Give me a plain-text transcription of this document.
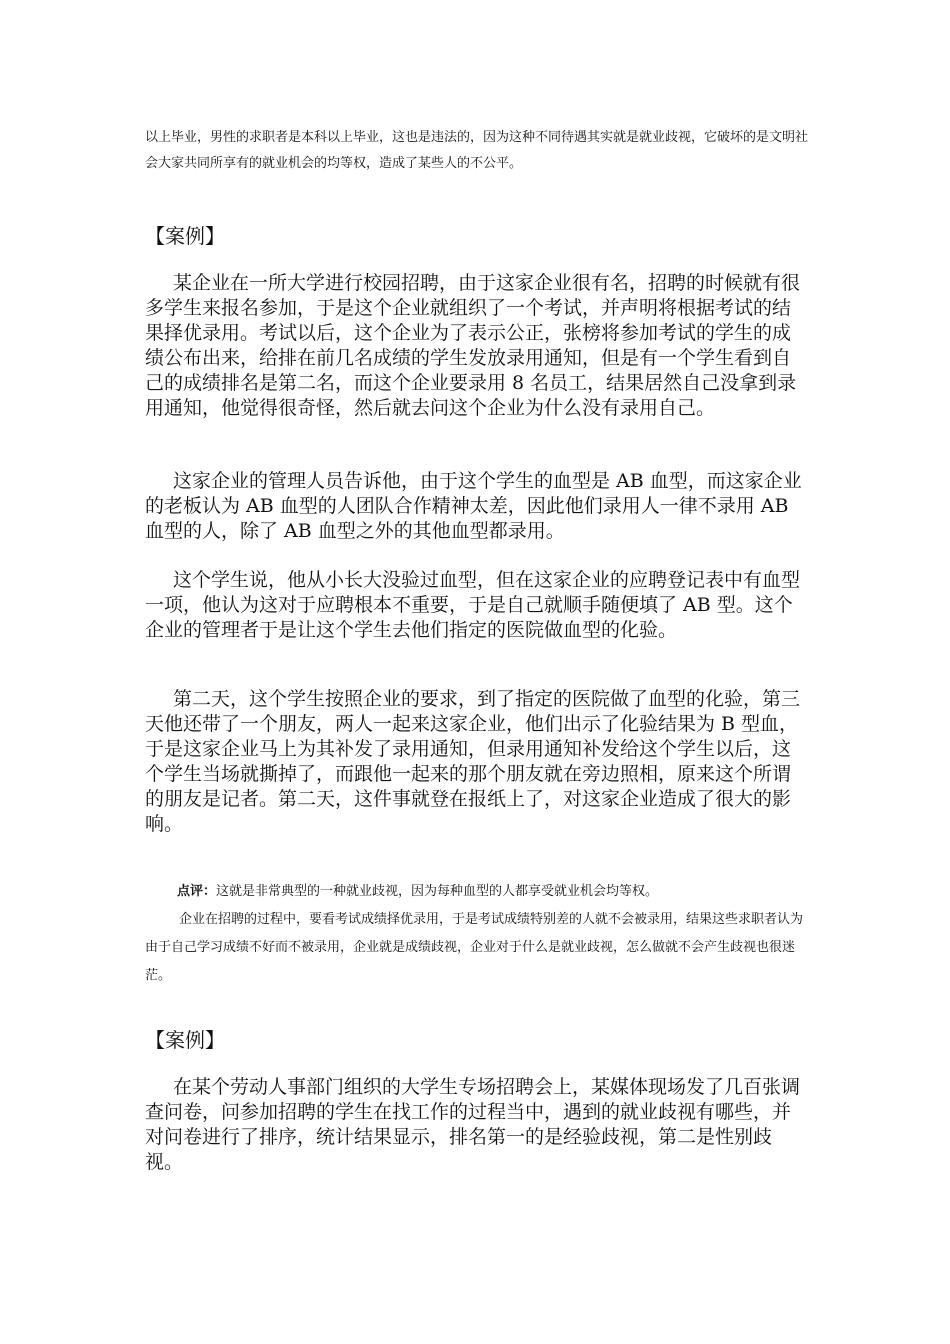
以上毕业，男性的求职者是本科以上毕业，这也是违法的，因为这种不同待遇其实就是就业歧视，它破坏的是文明社会大家共同所享有的就业机会的均等权，造成了某些人的不公平。

【案例】

某企业在一所大学进行校园招聘，由于这家企业很有名，招聘的时候就有很多学生来报名参加，于是这个企业就组织了一个考试，并声明将根据考试的结果择优录用。考试以后，这个企业为了表示公正，张榜将参加考试的学生的成绩公布出来，给排在前几名成绩的学生发放录用通知，但是有一个学生看到自己的成绩排名是第二名，而这个企业要录用 8 名员工，结果居然自己没拿到录用通知，他觉得很奇怪，然后就去问这个企业为什么没有录用自己。

这家企业的管理人员告诉他，由于这个学生的血型是 AB 血型，而这家企业的老板认为 AB 血型的人团队合作精神太差，因此他们录用人一律不录用 AB 血型的人，除了 AB 血型之外的其他血型都录用。

这个学生说，他从小长大没验过血型，但在这家企业的应聘登记表中有血型一项，他认为这对于应聘根本不重要，于是自己就顺手随便填了 AB 型。这个企业的管理者于是让这个学生去他们指定的医院做血型的化验。

第二天，这个学生按照企业的要求，到了指定的医院做了血型的化验，第三天他还带了一个朋友，两人一起来这家企业，他们出示了化验结果为 B 型血，于是这家企业马上为其补发了录用通知，但录用通知补发给这个学生以后，这个学生当场就撕掉了，而跟他一起来的那个朋友就在旁边照相，原来这个所谓的朋友是记者。第二天，这件事就登在报纸上了，对这家企业造成了很大的影响。

点评：这就是非常典型的一种就业歧视，因为每种血型的人都享受就业机会均等权。

企业在招聘的过程中，要看考试成绩择优录用，于是考试成绩特别差的人就不会被录用，结果这些求职者认为由于自己学习成绩不好而不被录用，企业就是成绩歧视，企业对于什么是就业歧视，怎么做就不会产生歧视也很迷茫。

【案例】

在某个劳动人事部门组织的大学生专场招聘会上，某媒体现场发了几百张调查问卷，问参加招聘的学生在找工作的过程当中，遇到的就业歧视有哪些，并对问卷进行了排序，统计结果显示，排名第一的是经验歧视，第二是性别歧视。
